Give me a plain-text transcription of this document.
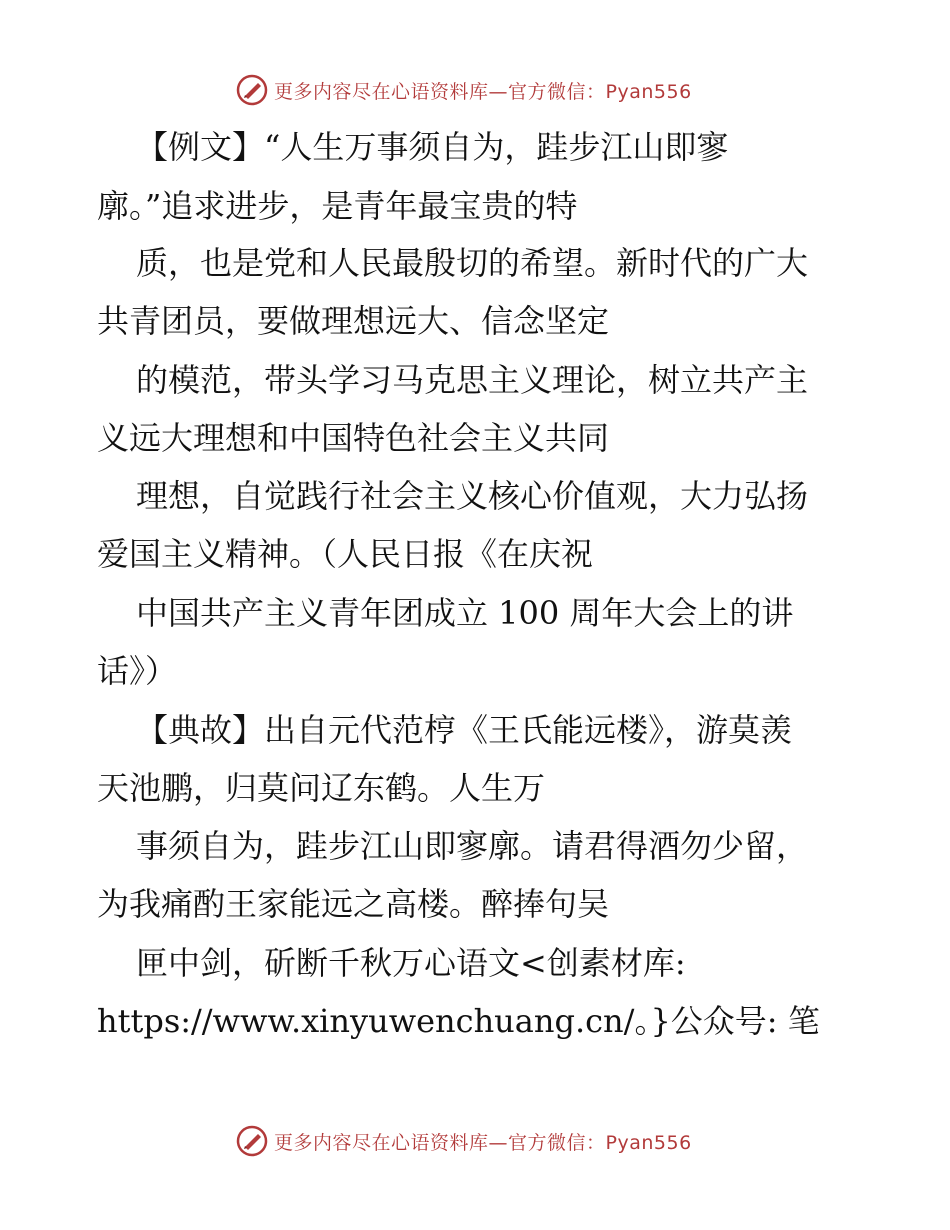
更多内容尽在心语资料库—官方微信：Pyan556
【例文】“人生万事须自为，跬步江山即寥
廓。”追求进步，是青年最宝贵的特
质，也是党和人民最殷切的希望。新时代的广大
共青团员，要做理想远大、信念坚定
的模范，带头学习马克思主义理论，树立共产主
义远大理想和中国特色社会主义共同
理想，自觉践行社会主义核心价值观，大力弘扬
爱国主义精神。（人民日报《在庆祝
中国共产主义青年团成立 100 周年大会上的讲
话》）
【典故】出自元代范梈《王氏能远楼》，游莫羡
天池鹏，归莫问辽东鹤。人生万
事须自为，跬步江山即寥廓。请君得酒勿少留，
为我痛酌王家能远之高楼。醉捧句吴
匣中剑，斫断千秋万心语文<创素材库:
https://www.xinyuwenchuang.cn/。}公众号: 笔
更多内容尽在心语资料库—官方微信：Pyan556
